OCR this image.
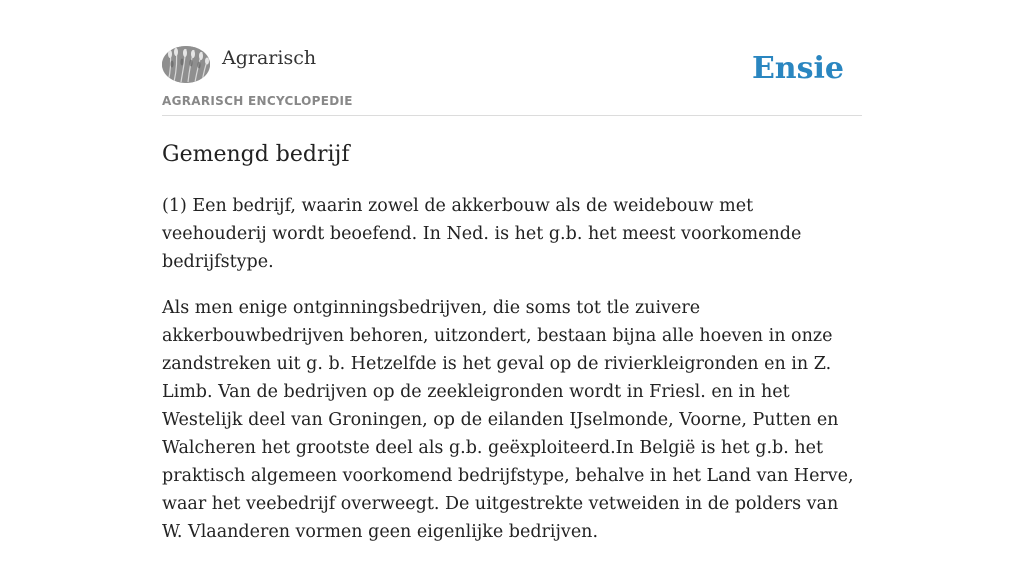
Agrarisch
AGRARISCH ENCYCLOPEDIE
Ensie
Gemengd bedrijf

(1) Een bedrijf, waarin zowel de akkerbouw als de weidebouw met veehouderij wordt beoefend. In Ned. is het g.b. het meest voorkomende bedrijfstype.

Als men enige ontginningsbedrijven, die soms tot tle zuivere akkerbouwbedrijven behoren, uitzondert, bestaan bijna alle hoeven in onze zandstreken uit g. b. Hetzelfde is het geval op de rivierkleigronden en in Z. Limb. Van de bedrijven op de zeekleigronden wordt in Friesl. en in het Westelijk deel van Groningen, op de eilanden IJselmonde, Voorne, Putten en Walcheren het grootste deel als g.b. geëxploiteerd.In België is het g.b. het praktisch algemeen voorkomend bedrijfstype, behalve in het Land van Herve, waar het veebedrijf overweegt. De uitgestrekte vetweiden in de polders van W. Vlaanderen vormen geen eigenlijke bedrijven.
